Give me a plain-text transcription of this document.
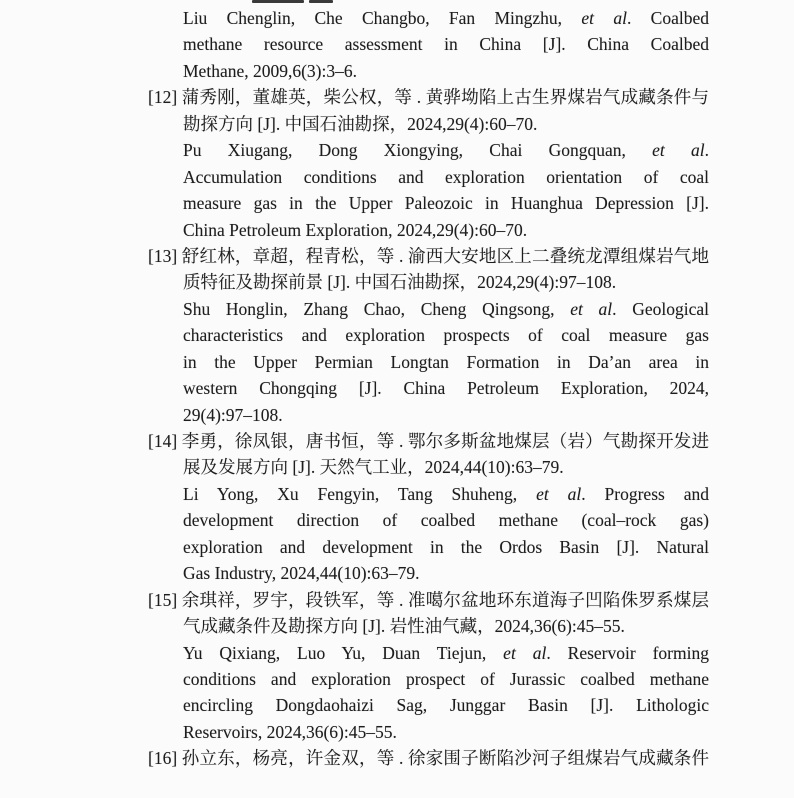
Liu Chenglin, Che Changbo, Fan Mingzhu, et al. Coalbed
methane resource assessment in China [J]. China Coalbed
Methane, 2009,6(3):3–6.
[12] 蒲秀刚，董雄英，柴公权，等 . 黄骅坳陷上古生界煤岩气成藏条件与
勘探方向 [J]. 中国石油勘探，2024,29(4):60–70.
Pu Xiugang, Dong Xiongying, Chai Gongquan, et al.
Accumulation conditions and exploration orientation of coal
measure gas in the Upper Paleozoic in Huanghua Depression [J].
China Petroleum Exploration, 2024,29(4):60–70.
[13] 舒红林，章超，程青松，等 . 渝西大安地区上二叠统龙潭组煤岩气地
质特征及勘探前景 [J]. 中国石油勘探，2024,29(4):97–108.
Shu Honglin, Zhang Chao, Cheng Qingsong, et al. Geological
characteristics and exploration prospects of coal measure gas
in the Upper Permian Longtan Formation in Da’an area in
western Chongqing [J]. China Petroleum Exploration, 2024,
29(4):97–108.
[14] 李勇，徐凤银，唐书恒，等 . 鄂尔多斯盆地煤层（岩）气勘探开发进
展及发展方向 [J]. 天然气工业，2024,44(10):63–79.
Li Yong, Xu Fengyin, Tang Shuheng, et al. Progress and
development direction of coalbed methane (coal–rock gas)
exploration and development in the Ordos Basin [J]. Natural
Gas Industry, 2024,44(10):63–79.
[15] 余琪祥，罗宇，段铁军，等 . 准噶尔盆地环东道海子凹陷侏罗系煤层
气成藏条件及勘探方向 [J]. 岩性油气藏，2024,36(6):45–55.
Yu Qixiang, Luo Yu, Duan Tiejun, et al. Reservoir forming
conditions and exploration prospect of Jurassic coalbed methane
encircling Dongdaohaizi Sag, Junggar Basin [J]. Lithologic
Reservoirs, 2024,36(6):45–55.
[16] 孙立东，杨亮，许金双，等 . 徐家围子断陷沙河子组煤岩气成藏条件
